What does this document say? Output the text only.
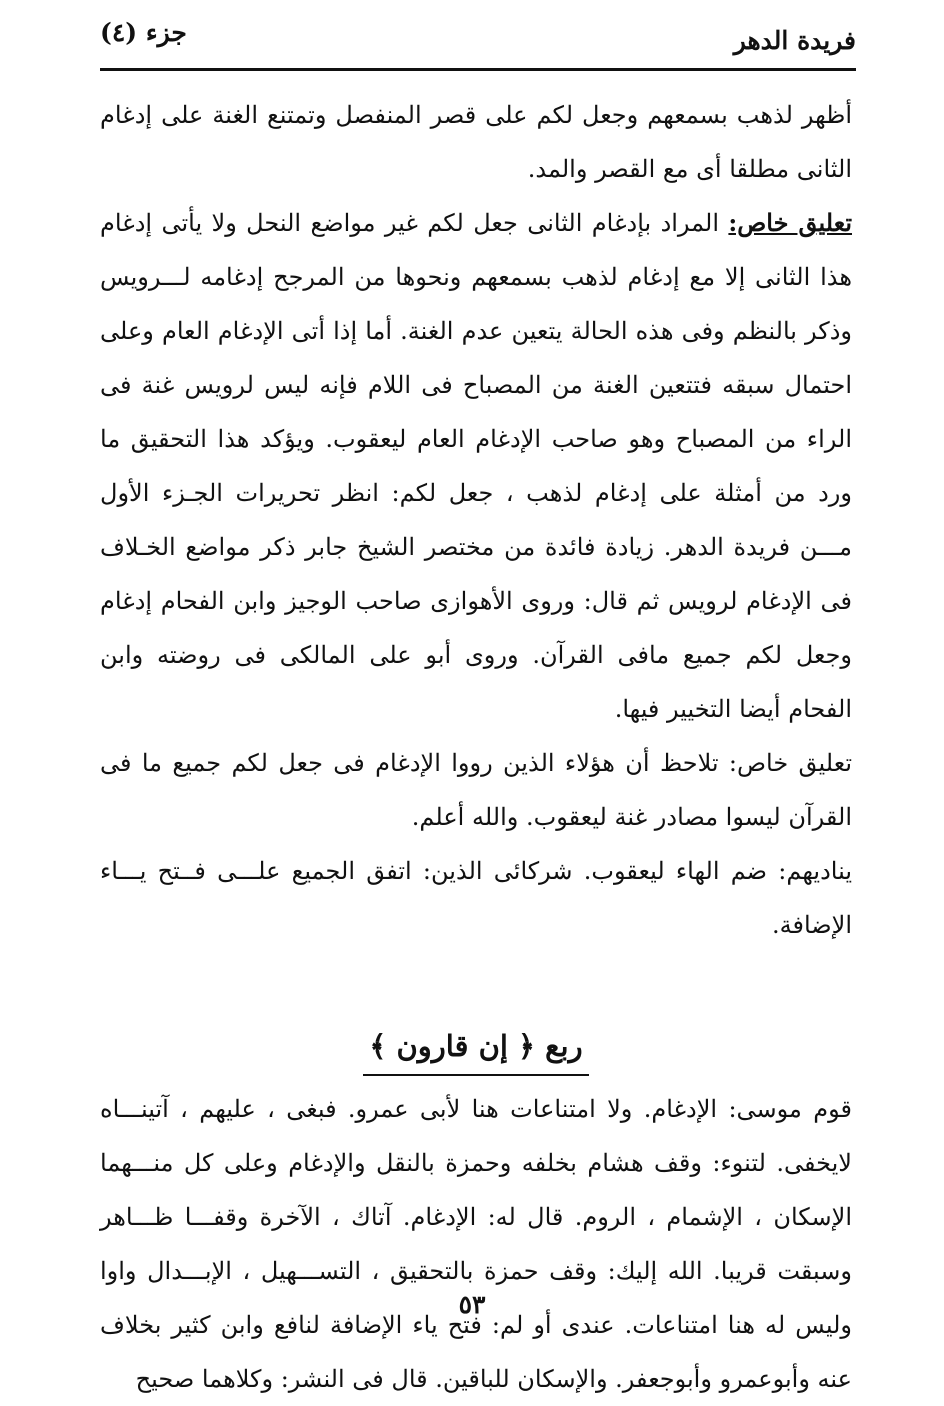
فريدة الدهر
جزء (٤)

أظهر لذهب بسمعهم وجعل لكم على قصر المنفصل وتمتنع الغنة على إدغام الثانى مطلقا أى مع القصر والمد.

تعليق خاص: المراد بإدغام الثانى جعل لكم غير مواضع النحل ولا يأتى إدغام هذا الثانى إلا مع إدغام لذهب بسمعهم ونحوها من المرجح إدغامه لـــرويس وذكر بالنظم وفى هذه الحالة يتعين عدم الغنة. أما إذا أتى الإدغام العام وعلى احتمال سبقه فتتعين الغنة من المصباح فى اللام فإنه ليس لرويس غنة فى الراء من المصباح وهو صاحب الإدغام العام ليعقوب. ويؤكد هذا التحقيق ما ورد من أمثلة على إدغام لذهب ، جعل لكم: انظر تحريرات الجـزء الأول مـــن فريدة الدهر. زيادة فائدة من مختصر الشيخ جابر ذكر مواضع الخـلاف فى الإدغام لرويس ثم قال: وروى الأهوازى صاحب الوجيز وابن الفحام إدغام وجعل لكم جميع مافى القرآن. وروى أبو على المالكى فى روضته وابن الفحام أيضا التخيير فيها.

تعليق خاص: تلاحظ أن هؤلاء الذين رووا الإدغام فى جعل لكم جميع ما فى القرآن ليسوا مصادر غنة ليعقوب. والله أعلم.

يناديهم: ضم الهاء ليعقوب. شركائى الذين: اتفق الجميع علـــى فــتح يـــاء الإضافة.

ربع ﴿ إن قارون ﴾

قوم موسى: الإدغام. ولا امتناعات هنا لأبى عمرو. فبغى ، عليهم ، آتينـــاه لايخفى. لتنوء: وقف هشام بخلفه وحمزة بالنقل والإدغام وعلى كل منـــهما الإسكان ، الإشمام ، الروم. قال له: الإدغام. آتاك ، الآخرة وقفـــا ظـــاهر وسبقت قريبا. الله إليك: وقف حمزة بالتحقيق ، التســـهيل ، الإبـــدال واوا وليس له هنا امتناعات. عندى أو لم: فتح ياء الإضافة لنافع وابن كثير بخلاف عنه وأبوعمرو وأبوجعفر. والإسكان للباقين. قال فى النشر: وكلاهما صحيح

٥٣
